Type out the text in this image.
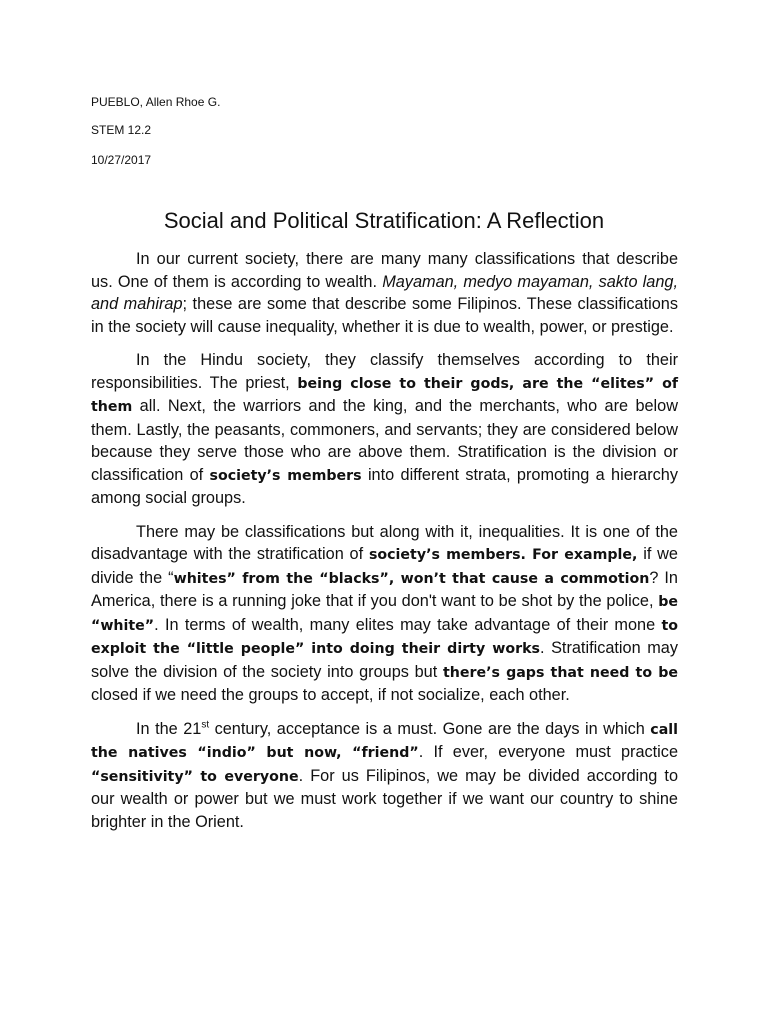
PUEBLO, Allen Rhoe G.
STEM 12.2
10/27/2017
Social and Political Stratification: A Reflection

In our current society, there are many many classifications that describe us. One of them is according to wealth. Mayaman, medyo mayaman, sakto lang, and mahirap; these are some that describe some Filipinos. These classifications in the society will cause inequality, whether it is due to wealth, power, or prestige.

In the Hindu society, they classify themselves according to their responsibilities. The priest, being close to their gods, are the “elites” of them all. Next, the warriors and the king, and the merchants, who are below them. Lastly, the peasants, commoners, and servants; they are considered below because they serve those who are above them. Stratification is the division or classification of society’s members into different strata, promoting a hierarchy among social groups.

There may be classifications but along with it, inequalities. It is one of the disadvantage with the stratification of society’s members. For example, if we divide the “whites” from the “blacks”, won’t that cause a commotion? In America, there is a running joke that if you don't want to be shot by the police, be “white”. In terms of wealth, many elites may take advantage of their mone to exploit the “little people” into doing their dirty works. Stratification may solve the division of the society into groups but there’s gaps that need to be closed if we need the groups to accept, if not socialize, each other.

In the 21st century, acceptance is a must. Gone are the days in which call the natives “indio” but now, “friend”. If ever, everyone must practice “sensitivity” to everyone. For us Filipinos, we may be divided according to our wealth or power but we must work together if we want our country to shine brighter in the Orient.
